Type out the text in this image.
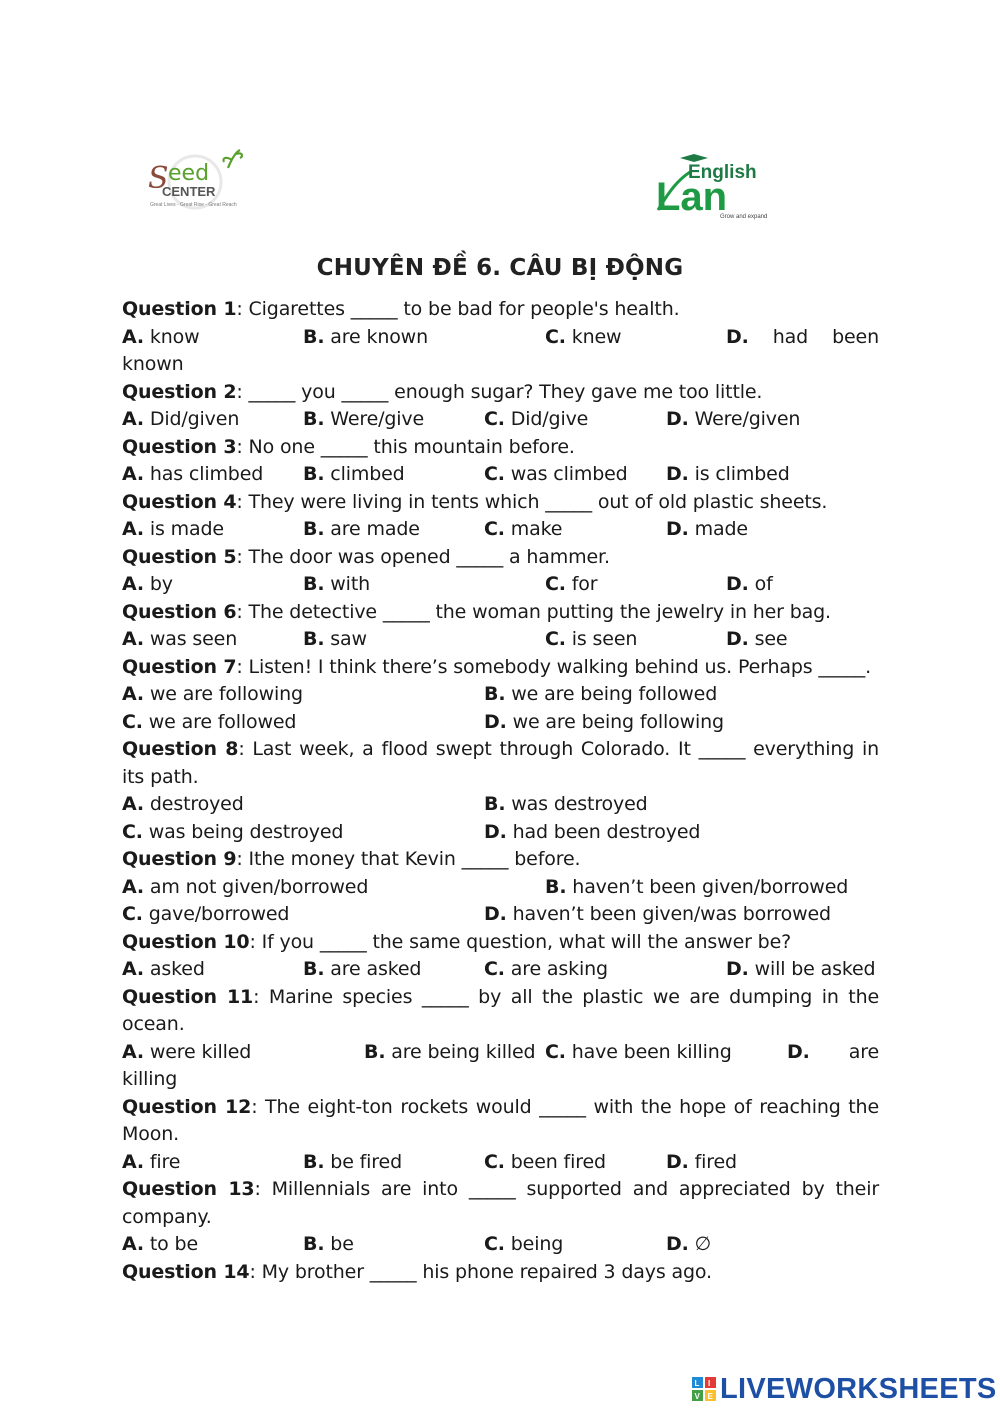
S eed
CENTER
Great Lives - Great Rise - Great Reach
English
Lan
Grow and expand
CHUYÊN ĐỀ 6. CÂU BỊ ĐỘNG
Question 1: Cigarettes _____ to be bad for people's health.
A. know	B. are known	C. knew	D. had been
known
Question 2: _____ you _____ enough sugar? They gave me too little.
A. Did/given	B. Were/give	C. Did/give	D. Were/given
Question 3: No one _____ this mountain before.
A. has climbed B. climbed	C. was climbed D. is climbed
Question 4: They were living in tents which _____ out of old plastic sheets.
A. is made	B. are made	C. make	D. made
Question 5: The door was opened _____ a hammer.
A. by	B. with	C. for	D. of
Question 6: The detective _____ the woman putting the jewelry in her bag.
A. was seen	B. saw	C. is seen	D. see
Question 7: Listen! I think there’s somebody walking behind us. Perhaps _____.
A. we are following	B. we are being followed
C. we are followed	D. we are being following
Question 8: Last week, a flood swept through Colorado. It _____ everything in its path.
A. destroyed	B. was destroyed
C. was being destroyed	D. had been destroyed
Question 9: Ithe money that Kevin _____ before.
A. am not given/borrowed	B. haven’t been given/borrowed
C. gave/borrowed	D. haven’t been given/was borrowed
Question 10: If you _____ the same question, what will the answer be?
A. asked	B. are asked	C. are asking	D. will be asked
Question 11: Marine species _____ by all the plastic we are dumping in the ocean.
A. were killed	B. are being killed C. have been killing	D. are
killing
Question 12: The eight-ton rockets would _____ with the hope of reaching the Moon.
A. fire	B. be fired	C. been fired	D. fired
Question 13: Millennials are into _____ supported and appreciated by their company.
A. to be	B. be	C. being	D. ∅
Question 14: My brother _____ his phone repaired 3 days ago.
L I
V E LIVEWORKSHEETS
